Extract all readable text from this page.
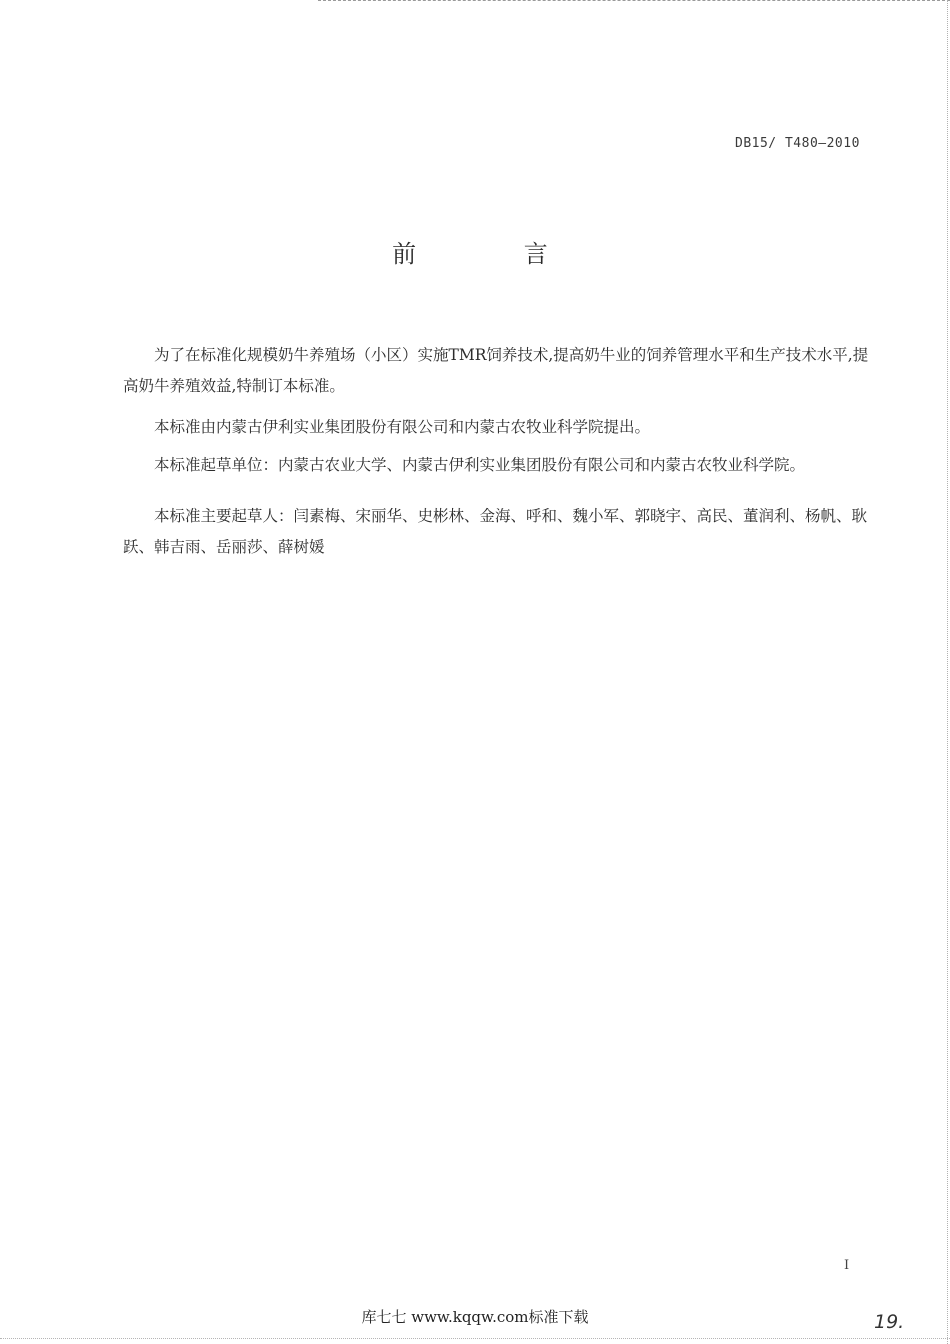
DB15/ T480—2010
前 言

为了在标准化规模奶牛养殖场（小区）实施TMR饲养技术,提高奶牛业的饲养管理水平和生产技术水平,提高奶牛养殖效益,特制订本标准。

本标准由内蒙古伊利实业集团股份有限公司和内蒙古农牧业科学院提出。

本标准起草单位：内蒙古农业大学、内蒙古伊利实业集团股份有限公司和内蒙古农牧业科学院。

本标准主要起草人：闫素梅、宋丽华、史彬林、金海、呼和、魏小军、郭晓宇、高民、董润利、杨帆、耿跃、韩吉雨、岳丽莎、薛树媛

I
库七七 www.kqqw.com标准下载	19.
